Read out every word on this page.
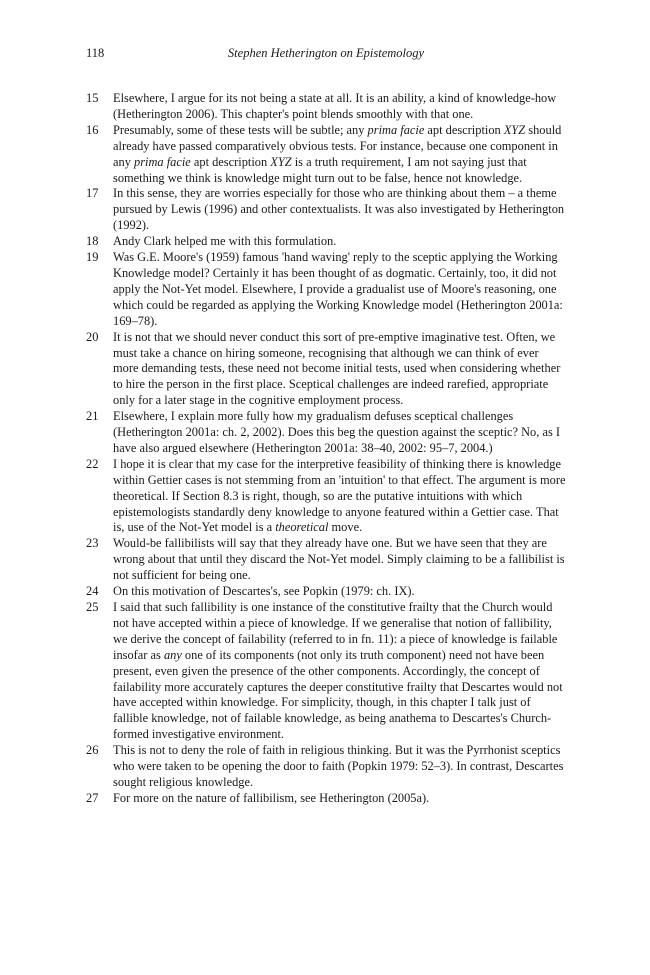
118	Stephen Hetherington on Epistemology
15	Elsewhere, I argue for its not being a state at all. It is an ability, a kind of knowledge-how (Hetherington 2006). This chapter's point blends smoothly with that one.
16	Presumably, some of these tests will be subtle; any prima facie apt description XYZ should already have passed comparatively obvious tests. For instance, because one component in any prima facie apt description XYZ is a truth requirement, I am not saying just that something we think is knowledge might turn out to be false, hence not knowledge.
17	In this sense, they are worries especially for those who are thinking about them – a theme pursued by Lewis (1996) and other contextualists. It was also investigated by Hetherington (1992).
18	Andy Clark helped me with this formulation.
19	Was G.E. Moore's (1959) famous 'hand waving' reply to the sceptic applying the Working Knowledge model? Certainly it has been thought of as dogmatic. Certainly, too, it did not apply the Not-Yet model. Elsewhere, I provide a gradualist use of Moore's reasoning, one which could be regarded as applying the Working Knowledge model (Hetherington 2001a: 169–78).
20	It is not that we should never conduct this sort of pre-emptive imaginative test. Often, we must take a chance on hiring someone, recognising that although we can think of ever more demanding tests, these need not become initial tests, used when considering whether to hire the person in the first place. Sceptical challenges are indeed rarefied, appropriate only for a later stage in the cognitive employment process.
21	Elsewhere, I explain more fully how my gradualism defuses sceptical challenges (Hetherington 2001a: ch. 2, 2002). Does this beg the question against the sceptic? No, as I have also argued elsewhere (Hetherington 2001a: 38–40, 2002: 95–7, 2004.)
22	I hope it is clear that my case for the interpretive feasibility of thinking there is knowledge within Gettier cases is not stemming from an 'intuition' to that effect. The argument is more theoretical. If Section 8.3 is right, though, so are the putative intuitions with which epistemologists standardly deny knowledge to anyone featured within a Gettier case. That is, use of the Not-Yet model is a theoretical move.
23	Would-be fallibilists will say that they already have one. But we have seen that they are wrong about that until they discard the Not-Yet model. Simply claiming to be a fallibilist is not sufficient for being one.
24	On this motivation of Descartes's, see Popkin (1979: ch. IX).
25	I said that such fallibility is one instance of the constitutive frailty that the Church would not have accepted within a piece of knowledge. If we generalise that notion of fallibility, we derive the concept of failability (referred to in fn. 11): a piece of knowledge is failable insofar as any one of its components (not only its truth component) need not have been present, even given the presence of the other components. Accordingly, the concept of failability more accurately captures the deeper constitutive frailty that Descartes would not have accepted within knowledge. For simplicity, though, in this chapter I talk just of fallible knowledge, not of failable knowledge, as being anathema to Descartes's Church-formed investigative environment.
26	This is not to deny the role of faith in religious thinking. But it was the Pyrrhonist sceptics who were taken to be opening the door to faith (Popkin 1979: 52–3). In contrast, Descartes sought religious knowledge.
27	For more on the nature of fallibilism, see Hetherington (2005a).
